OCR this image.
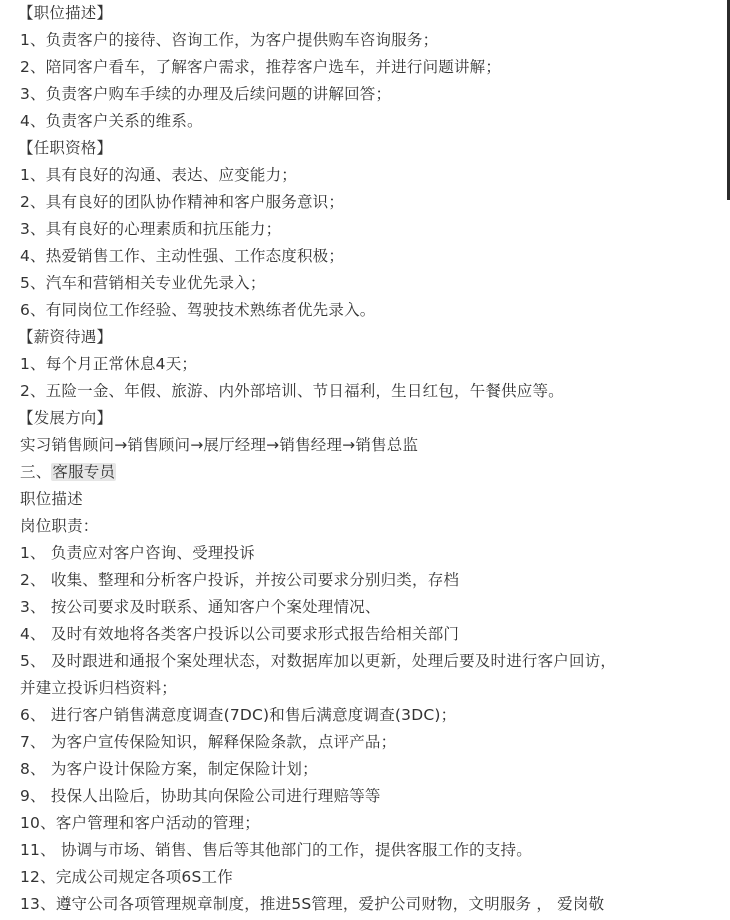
【职位描述】
1、负责客户的接待、咨询工作，为客户提供购车咨询服务；
2、陪同客户看车，了解客户需求，推荐客户选车，并进行问题讲解；
3、负责客户购车手续的办理及后续问题的讲解回答；
4、负责客户关系的维系。
【任职资格】
1、具有良好的沟通、表达、应变能力；
2、具有良好的团队协作精神和客户服务意识；
3、具有良好的心理素质和抗压能力；
4、热爱销售工作、主动性强、工作态度积极；
5、汽车和营销相关专业优先录入；
6、有同岗位工作经验、驾驶技术熟练者优先录入。
【薪资待遇】
1、每个月正常休息4天；
2、五险一金、年假、旅游、内外部培训、节日福利，生日红包，午餐供应等。
【发展方向】
实习销售顾问→销售顾问→展厅经理→销售经理→销售总监
三、客服专员
职位描述
岗位职责：
1、 负责应对客户咨询、受理投诉
2、 收集、整理和分析客户投诉，并按公司要求分别归类，存档
3、 按公司要求及时联系、通知客户个案处理情况、
4、 及时有效地将各类客户投诉以公司要求形式报告给相关部门
5、 及时跟进和通报个案处理状态，对数据库加以更新，处理后要及时进行客户回访，
并建立投诉归档资料；
6、 进行客户销售满意度调查(7DC)和售后满意度调查(3DC)；
7、 为客户宣传保险知识，解释保险条款，点评产品；
8、 为客户设计保险方案，制定保险计划；
9、 投保人出险后，协助其向保险公司进行理赔等等
10、客户管理和客户活动的管理；
11、 协调与市场、销售、售后等其他部门的工作，提供客服工作的支持。
12、完成公司规定各项6S工作
13、遵守公司各项管理规章制度，推进5S管理，爱护公司财物，文明服务 ， 爱岗敬
